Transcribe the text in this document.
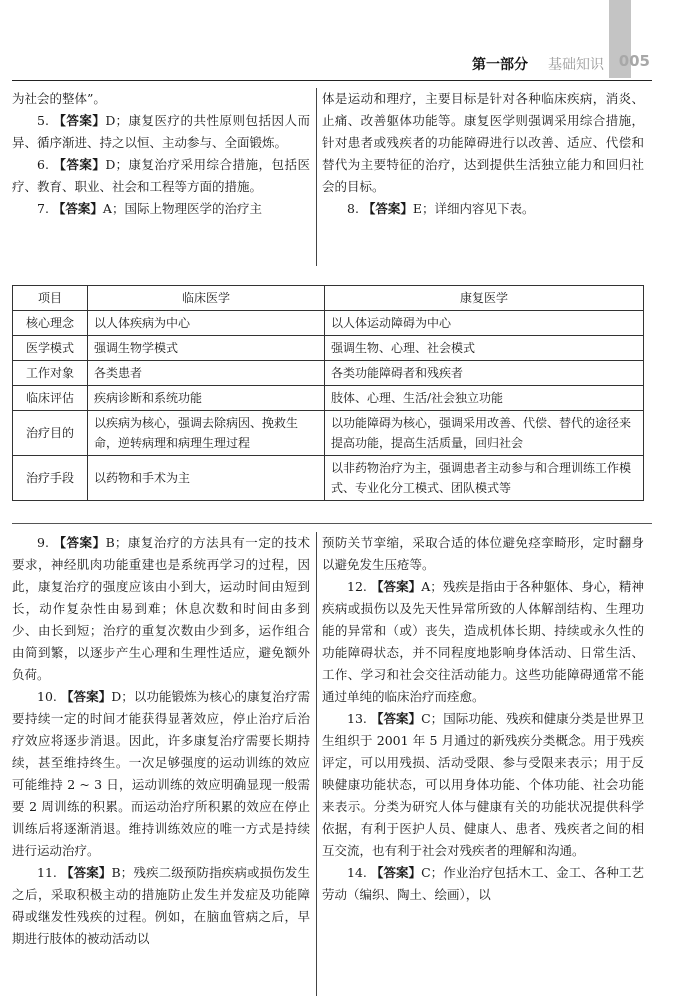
第一部分 基础知识 005

为社会的整体”。

5. 【答案】D；康复医疗的共性原则包括因人而异、循序渐进、持之以恒、主动参与、全面锻炼。

6. 【答案】D；康复治疗采用综合措施，包括医疗、教育、职业、社会和工程等方面的措施。

7. 【答案】A；国际上物理医学的治疗主

体是运动和理疗，主要目标是针对各种临床疾病，消炎、止痛、改善躯体功能等。康复医学则强调采用综合措施，针对患者或残疾者的功能障碍进行以改善、适应、代偿和替代为主要特征的治疗，达到提供生活独立能力和回归社会的目标。

8. 【答案】E；详细内容见下表。

项目	临床医学	康复医学
核心理念	以人体疾病为中心	以人体运动障碍为中心
医学模式	强调生物学模式	强调生物、心理、社会模式
工作对象	各类患者	各类功能障碍者和残疾者
临床评估	疾病诊断和系统功能	肢体、心理、生活/社会独立功能
治疗目的	以疾病为核心，强调去除病因、挽救生命，逆转病理和病理生理过程	以功能障碍为核心，强调采用改善、代偿、替代的途径来提高功能，提高生活质量，回归社会
治疗手段	以药物和手术为主	以非药物治疗为主，强调患者主动参与和合理训练工作模式、专业化分工模式、团队模式等

9. 【答案】B；康复治疗的方法具有一定的技术要求，神经肌肉功能重建也是系统再学习的过程，因此，康复治疗的强度应该由小到大，运动时间由短到长，动作复杂性由易到难；休息次数和时间由多到少、由长到短；治疗的重复次数由少到多，运作组合由简到繁，以逐步产生心理和生理性适应，避免额外负荷。

10. 【答案】D；以功能锻炼为核心的康复治疗需要持续一定的时间才能获得显著效应，停止治疗后治疗效应将逐步消退。因此，许多康复治疗需要长期持续，甚至维持终生。一次足够强度的运动训练的效应可能维持 2 ~ 3 日，运动训练的效应明确显现一般需要 2 周训练的积累。而运动治疗所积累的效应在停止训练后将逐渐消退。维持训练效应的唯一方式是持续进行运动治疗。

11. 【答案】B；残疾二级预防指疾病或损伤发生之后，采取积极主动的措施防止发生并发症及功能障碍或继发性残疾的过程。例如，在脑血管病之后，早期进行肢体的被动活动以

预防关节挛缩，采取合适的体位避免痉挛畸形，定时翻身以避免发生压疮等。

12. 【答案】A；残疾是指由于各种躯体、身心，精神疾病或损伤以及先天性异常所致的人体解剖结构、生理功能的异常和（或）丧失，造成机体长期、持续或永久性的功能障碍状态，并不同程度地影响身体活动、日常生活、工作、学习和社会交往活动能力。这些功能障碍通常不能通过单纯的临床治疗而痊愈。

13. 【答案】C；国际功能、残疾和健康分类是世界卫生组织于 2001 年 5 月通过的新残疾分类概念。用于残疾评定，可以用残损、活动受限、参与受限来表示；用于反映健康功能状态，可以用身体功能、个体功能、社会功能来表示。分类为研究人体与健康有关的功能状况提供科学依据，有利于医护人员、健康人、患者、残疾者之间的相互交流，也有利于社会对残疾者的理解和沟通。

14. 【答案】C；作业治疗包括木工、金工、各种工艺劳动（编织、陶土、绘画），以
